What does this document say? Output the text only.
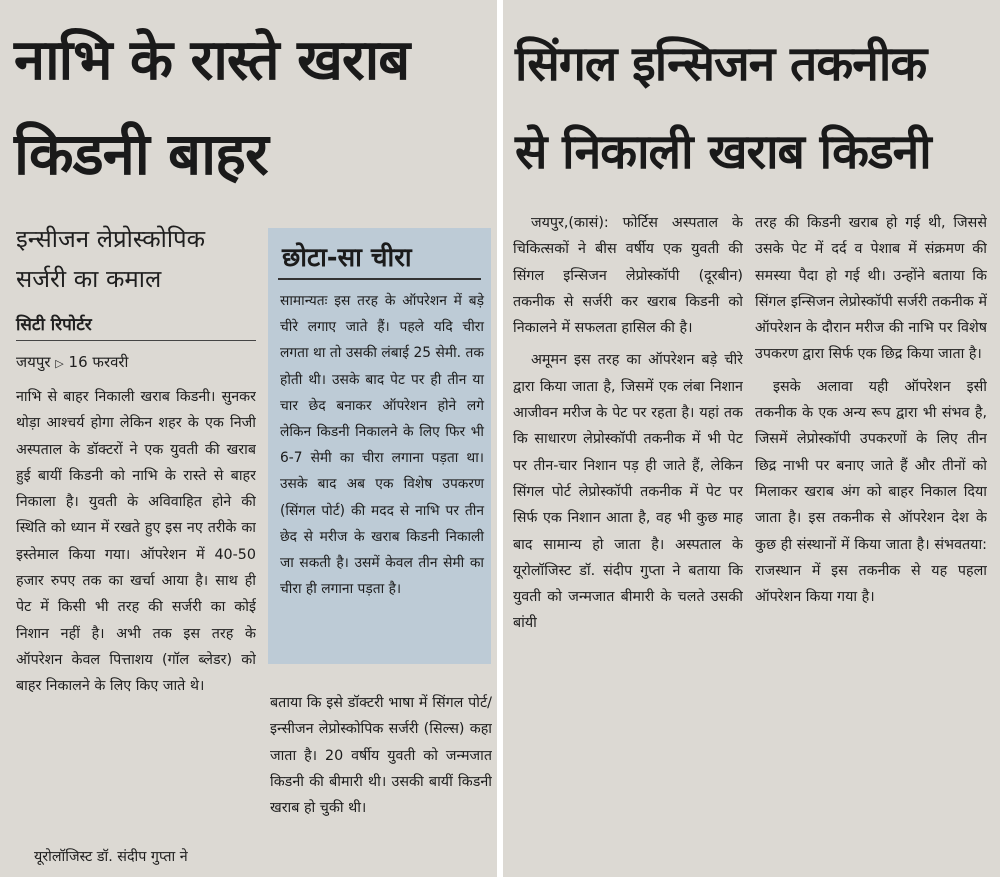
नाभि के रास्ते खराब
किडनी बाहर
इन्सीजन लेप्रोस्कोपिक
सर्जरी का कमाल
सिटी रिपोर्टर
जयपुर ▷ 16 फरवरी

नाभि से बाहर निकाली खराब किडनी। सुनकर थोड़ा आश्चर्य होगा लेकिन शहर के एक निजी अस्पताल के डॉक्टरों ने एक युवती की खराब हुई बायीं किडनी को नाभि के रास्ते से बाहर निकाला है। युवती के अविवाहित होने की स्थिति को ध्यान में रखते हुए इस नए तरीके का इस्तेमाल किया गया। ऑपरेशन में 40-50 हजार रुपए तक का खर्चा आया है। साथ ही पेट में किसी भी तरह की सर्जरी का कोई निशान नहीं है। अभी तक इस तरह के ऑपरेशन केवल पित्ताशय (गॉल ब्लेडर) को बाहर निकालने के लिए किए जाते थे।

यूरोलॉजिस्ट डॉ. संदीप गुप्ता ने

छोटा-सा चीरा
सामान्यतः इस तरह के ऑपरेशन में बड़े चीरे लगाए जाते हैं। पहले यदि चीरा लगता था तो उसकी लंबाई 25 सेमी. तक होती थी। उसके बाद पेट पर ही तीन या चार छेद बनाकर ऑपरेशन होने लगे लेकिन किडनी निकालने के लिए फिर भी 6-7 सेमी का चीरा लगाना पड़ता था। उसके बाद अब एक विशेष उपकरण (सिंगल पोर्ट) की मदद से नाभि पर तीन छेद से मरीज के खराब किडनी निकाली जा सकती है। उसमें केवल तीन सेमी का चीरा ही लगाना पड़ता है।

बताया कि इसे डॉक्टरी भाषा में सिंगल पोर्ट/इन्सीजन लेप्रोस्कोपिक सर्जरी (सिल्स) कहा जाता है। 20 वर्षीय युवती को जन्मजात किडनी की बीमारी थी। उसकी बायीं किडनी खराब हो चुकी थी।

सिंगल इन्सिजन तकनीक
से निकाली खराब किडनी

जयपुर,(कासं): फोर्टिस अस्पताल के चिकित्सकों ने बीस वर्षीय एक युवती की सिंगल इन्सिजन लेप्रोस्कॉपी (दूरबीन) तकनीक से सर्जरी कर खराब किडनी को निकालने में सफलता हासिल की है।

अमूमन इस तरह का ऑपरेशन बड़े चीरे द्वारा किया जाता है, जिसमें एक लंबा निशान आजीवन मरीज के पेट पर रहता है। यहां तक कि साधारण लेप्रोस्कॉपी तकनीक में भी पेट पर तीन-चार निशान पड़ ही जाते हैं, लेकिन सिंगल पोर्ट लेप्रोस्कॉपी तकनीक में पेट पर सिर्फ एक निशान आता है, वह भी कुछ माह बाद सामान्य हो जाता है। अस्पताल के यूरोलॉजिस्ट डॉ. संदीप गुप्ता ने बताया कि युवती को जन्मजात बीमारी के चलते उसकी बांयी

तरह की किडनी खराब हो गई थी, जिससे उसके पेट में दर्द व पेशाब में संक्रमण की समस्या पैदा हो गई थी। उन्होंने बताया कि सिंगल इन्सिजन लेप्रोस्कॉपी सर्जरी तकनीक में ऑपरेशन के दौरान मरीज की नाभि पर विशेष उपकरण द्वारा सिर्फ एक छिद्र किया जाता है।

इसके अलावा यही ऑपरेशन इसी तकनीक के एक अन्य रूप द्वारा भी संभव है, जिसमें लेप्रोस्कॉपी उपकरणों के लिए तीन छिद्र नाभी पर बनाए जाते हैं और तीनों को मिलाकर खराब अंग को बाहर निकाल दिया जाता है। इस तकनीक से ऑपरेशन देश के कुछ ही संस्थानों में किया जाता है। संभवतया: राजस्थान में इस तकनीक से यह पहला ऑपरेशन किया गया है।
